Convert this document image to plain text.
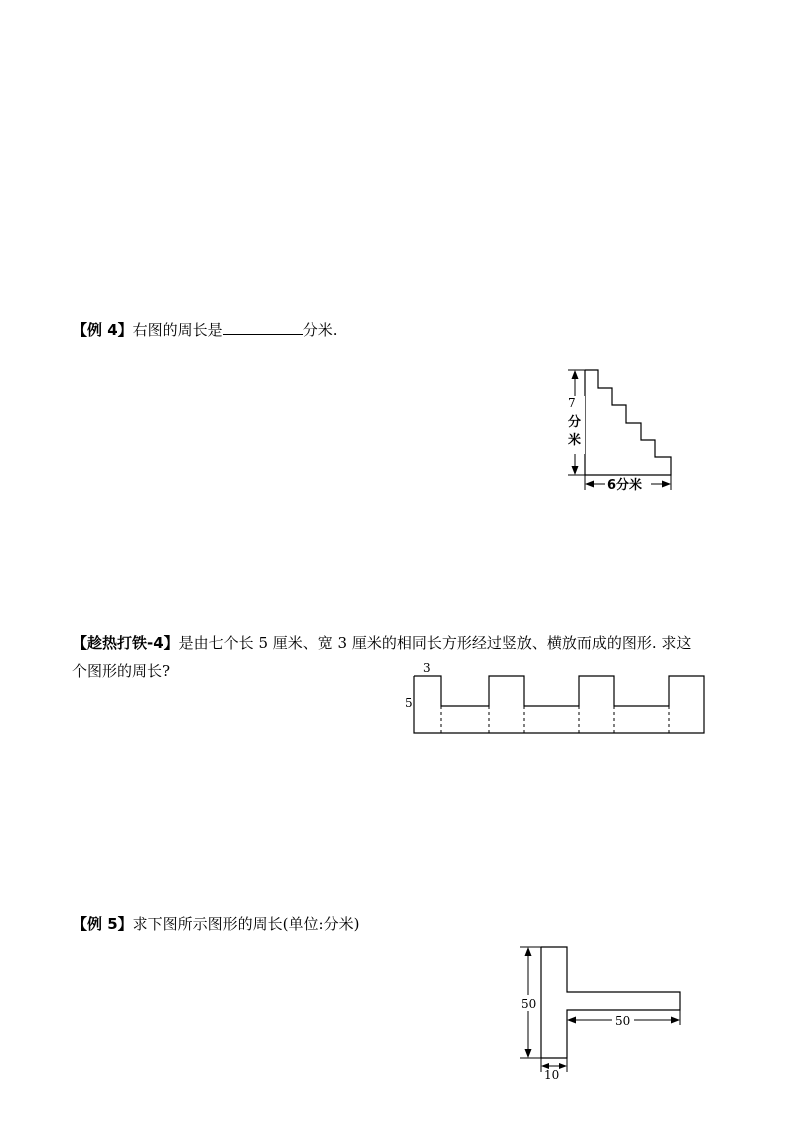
【例 4】右图的周长是	分米.
7
分
米
6分米
【趁热打铁-4】是由七个长 5 厘米、宽 3 厘米的相同长方形经过竖放、横放而成的图形. 求这
个图形的周长?	3
5
【例 5】求下图所示图形的周长(单位:分米)
50
50
10
